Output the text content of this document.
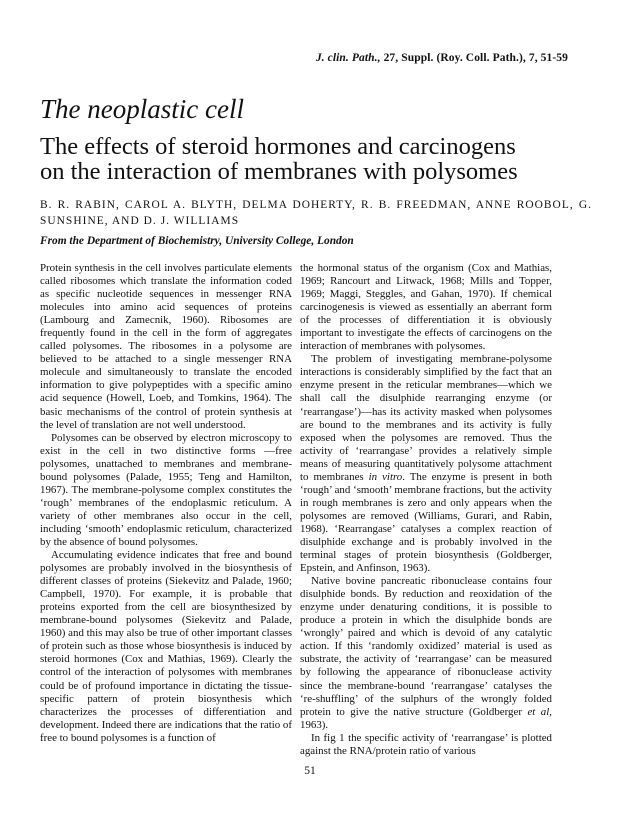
J. clin. Path., 27, Suppl. (Roy. Coll. Path.), 7, 51-59
The neoplastic cell
The effects of steroid hormones and carcinogens
on the interaction of membranes with polysomes
B. R. RABIN, CAROL A. BLYTH, DELMA DOHERTY, R. B. FREEDMAN, ANNE ROOBOL, G. SUNSHINE, AND D. J. WILLIAMS
From the Department of Biochemistry, University College, London

Protein synthesis in the cell involves particulate elements called ribosomes which translate the information coded as specific nucleotide sequences in messenger RNA molecules into amino acid sequences of proteins (Lambourg and Zamecnik, 1960). Ribosomes are frequently found in the cell in the form of aggregates called polysomes. The ribosomes in a polysome are believed to be attached to a single messenger RNA molecule and simultaneously to translate the encoded information to give polypeptides with a specific amino acid sequence (Howell, Loeb, and Tomkins, 1964). The basic mechanisms of the control of protein synthesis at the level of translation are not well understood.

Polysomes can be observed by electron microscopy to exist in the cell in two distinctive forms —free polysomes, unattached to membranes and membrane-bound polysomes (Palade, 1955; Teng and Hamilton, 1967). The membrane-polysome complex constitutes the ‘rough’ membranes of the endoplasmic reticulum. A variety of other membranes also occur in the cell, including ‘smooth’ endoplasmic reticulum, characterized by the absence of bound polysomes.

Accumulating evidence indicates that free and bound polysomes are probably involved in the biosynthesis of different classes of proteins (Siekevitz and Palade, 1960; Campbell, 1970). For example, it is probable that proteins exported from the cell are biosynthesized by membrane-bound polysomes (Siekevitz and Palade, 1960) and this may also be true of other important classes of protein such as those whose biosynthesis is induced by steroid hormones (Cox and Mathias, 1969). Clearly the control of the interaction of polysomes with membranes could be of profound importance in dictating the tissue-specific pattern of protein biosynthesis which characterizes the processes of differentiation and development. Indeed there are indications that the ratio of free to bound polysomes is a function of

the hormonal status of the organism (Cox and Mathias, 1969; Rancourt and Litwack, 1968; Mills and Topper, 1969; Maggi, Steggles, and Gahan, 1970). If chemical carcinogenesis is viewed as essentially an aberrant form of the processes of differentiation it is obviously important to investigate the effects of carcinogens on the interaction of membranes with polysomes.

The problem of investigating membrane-polysome interactions is considerably simplified by the fact that an enzyme present in the reticular membranes—which we shall call the disulphide rearranging enzyme (or ‘rearrangase’)—has its activity masked when polysomes are bound to the membranes and its activity is fully exposed when the polysomes are removed. Thus the activity of ‘rearrangase’ provides a relatively simple means of measuring quantitatively polysome attachment to membranes in vitro. The enzyme is present in both ‘rough’ and ‘smooth’ membrane fractions, but the activity in rough membranes is zero and only appears when the polysomes are removed (Williams, Gurari, and Rabin, 1968). ‘Rearrangase’ catalyses a complex reaction of disulphide exchange and is probably involved in the terminal stages of protein biosynthesis (Goldberger, Epstein, and Anfinson, 1963).

Native bovine pancreatic ribonuclease contains four disulphide bonds. By reduction and reoxidation of the enzyme under denaturing conditions, it is possible to produce a protein in which the disulphide bonds are ‘wrongly’ paired and which is devoid of any catalytic action. If this ‘randomly oxidized’ material is used as substrate, the activity of ‘rearrangase’ can be measured by following the appearance of ribonuclease activity since the membrane-bound ‘rearrangase’ catalyses the ‘re-shuffling’ of the sulphurs of the wrongly folded protein to give the native structure (Goldberger et al, 1963).

In fig 1 the specific activity of ‘rearrangase’ is plotted against the RNA/protein ratio of various

51
